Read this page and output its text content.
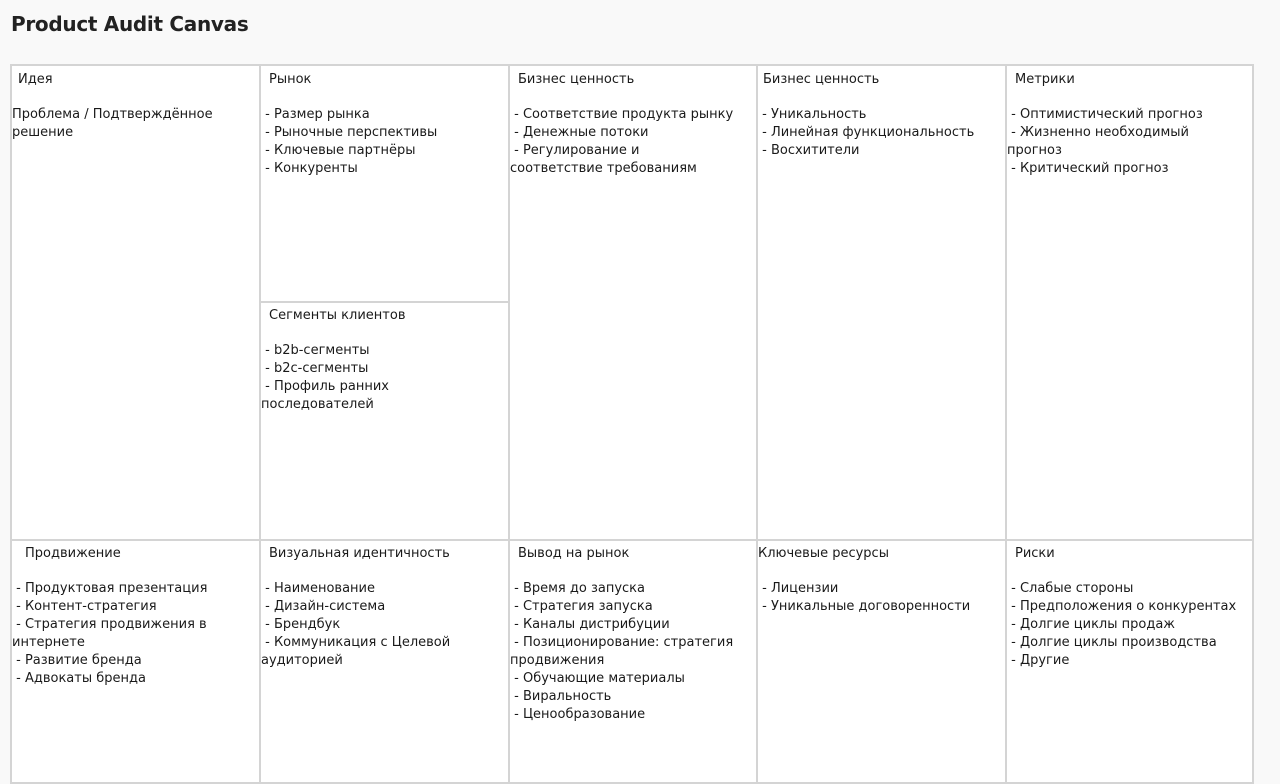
Product Audit Canvas
Идея
Проблема / Подтверждённое
решение
Рынок
- Размер рынка
- Рыночные перспективы
- Ключевые партнёры
- Конкуренты
Сегменты клиентов
- b2b-сегменты
- b2c-сегменты
- Профиль ранних
последователей
Бизнес ценность
- Соответствие продукта рынку
- Денежные потоки
- Регулирование и
соответствие требованиям
Бизнес ценность
- Уникальность
- Линейная функциональность
- Восхитители
Метрики
- Оптимистический прогноз
- Жизненно необходимый
прогноз
- Критический прогноз
Продвижение
- Продуктовая презентация
- Контент-стратегия
- Стратегия продвижения в
интернете
- Развитие бренда
- Адвокаты бренда
Визуальная идентичность
- Наименование
- Дизайн-система
- Брендбук
- Коммуникация с Целевой
аудиторией
Вывод на рынок
- Время до запуска
- Стратегия запуска
- Каналы дистрибуции
- Позиционирование: стратегия
продвижения
- Обучающие материалы
- Виральность
- Ценообразование
Ключевые ресурсы
- Лицензии
- Уникальные договоренности
Риски
- Слабые стороны
- Предположения о конкурентах
- Долгие циклы продаж
- Долгие циклы производства
- Другие
